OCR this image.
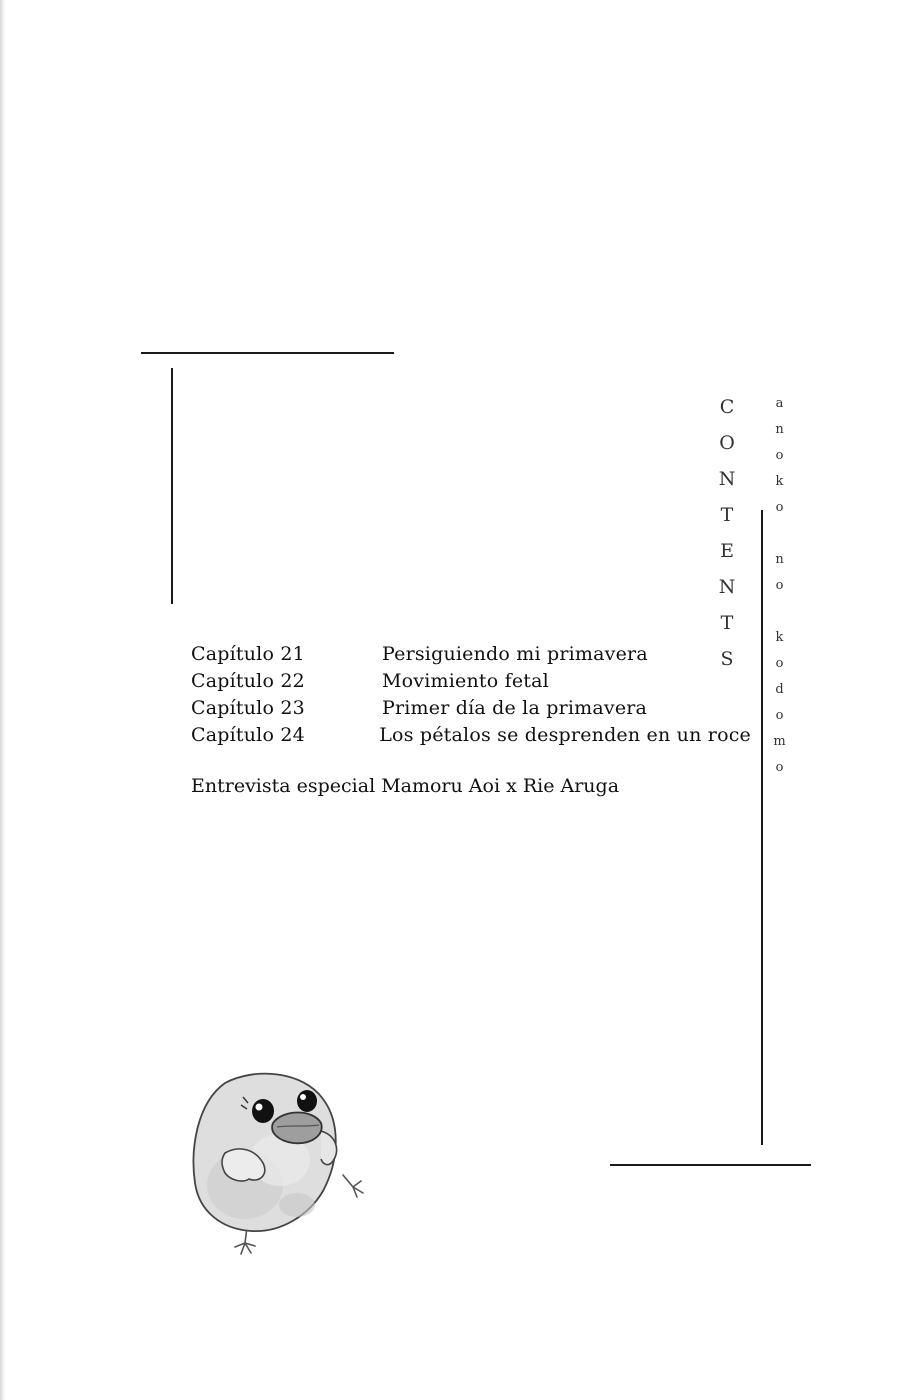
CONTENTS	anoko no kodomo
Capítulo 21	Persiguiendo mi primavera
Capítulo 22	Movimiento fetal
Capítulo 23	Primer día de la primavera
Capítulo 24	Los pétalos se desprenden en un roce
Entrevista especial Mamoru Aoi x Rie Aruga
